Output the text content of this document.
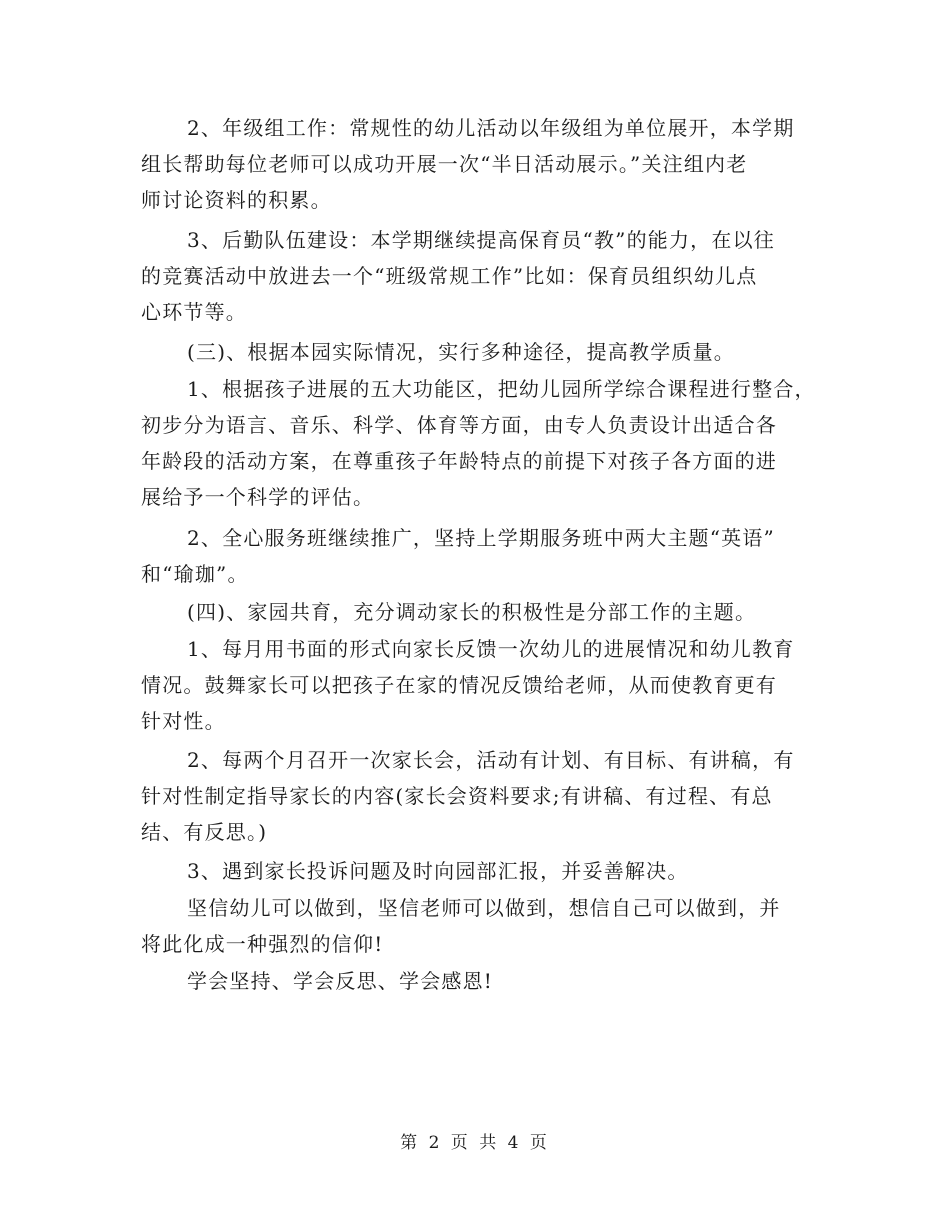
2、年级组工作：常规性的幼儿活动以年级组为单位展开，本学期
组长帮助每位老师可以成功开展一次“半日活动展示。”关注组内老
师讨论资料的积累。
3、后勤队伍建设：本学期继续提高保育员“教”的能力，在以往
的竞赛活动中放进去一个“班级常规工作”比如：保育员组织幼儿点
心环节等。
(三)、根据本园实际情况，实行多种途径，提高教学质量。
1、根据孩子进展的五大功能区，把幼儿园所学综合课程进行整合，
初步分为语言、音乐、科学、体育等方面，由专人负责设计出适合各
年龄段的活动方案，在尊重孩子年龄特点的前提下对孩子各方面的进
展给予一个科学的评估。
2、全心服务班继续推广，坚持上学期服务班中两大主题“英语”
和“瑜珈”。
(四)、家园共育，充分调动家长的积极性是分部工作的主题。
1、每月用书面的形式向家长反馈一次幼儿的进展情况和幼儿教育
情况。鼓舞家长可以把孩子在家的情况反馈给老师，从而使教育更有
针对性。
2、每两个月召开一次家长会，活动有计划、有目标、有讲稿，有
针对性制定指导家长的内容(家长会资料要求;有讲稿、有过程、有总
结、有反思。)
3、遇到家长投诉问题及时向园部汇报，并妥善解决。
坚信幼儿可以做到，坚信老师可以做到，想信自己可以做到，并
将此化成一种强烈的信仰!
学会坚持、学会反思、学会感恩!
第 2 页 共 4 页
